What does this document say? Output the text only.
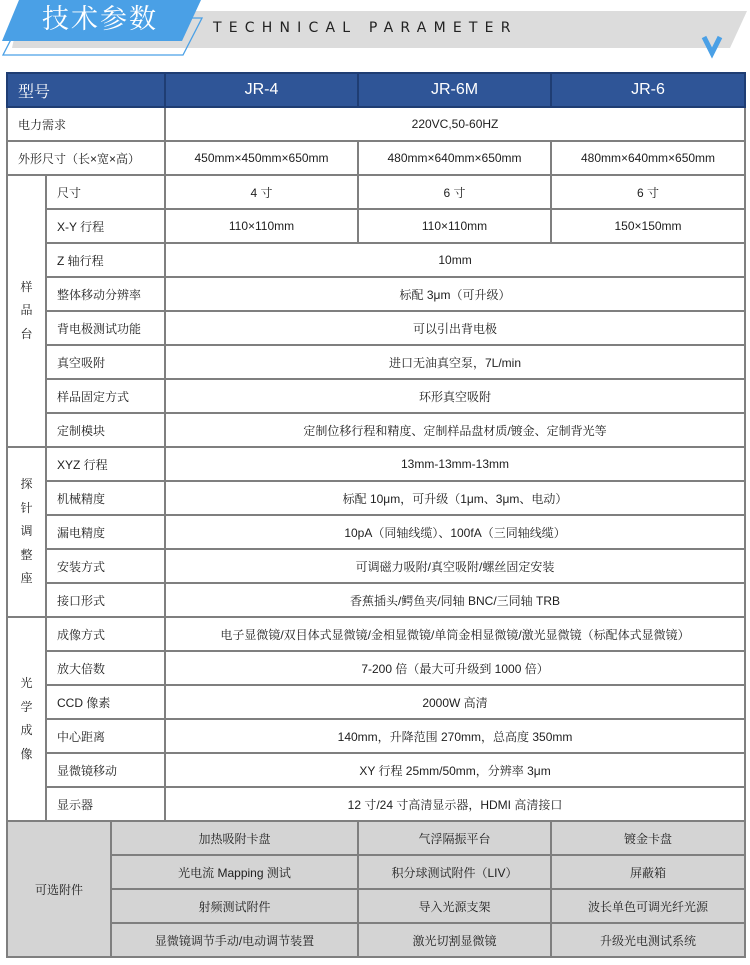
技术参数	TECHNICAL PARAMETER
型号		JR-4	JR-6M	JR-6
电力需求		220VC,50-60HZ		
外形尺寸（长×宽×高）		450mm×450mm×650mm	480mm×640mm×650mm	480mm×640mm×650mm
样品台	尺寸	4 寸	6 寸	6 寸
	X-Y 行程	110×110mm	110×110mm	150×150mm
	Z 轴行程	10mm		
	整体移动分辨率	标配 3μm（可升级）		
	背电极测试功能	可以引出背电极		
	真空吸附	进口无油真空泵，7L/min		
	样品固定方式	环形真空吸附		
	定制模块	定制位移行程和精度、定制样品盘材质/镀金、定制背光等		
探针调整座	XYZ 行程	13mm-13mm-13mm		
	机械精度	标配 10μm，可升级（1μm、3μm、电动）		
	漏电精度	10pA（同轴线缆）、100fA（三同轴线缆）		
	安装方式	可调磁力吸附/真空吸附/螺丝固定安装		
	接口形式	香蕉插头/鳄鱼夹/同轴 BNC/三同轴 TRB		
光学成像	成像方式	电子显微镜/双目体式显微镜/金相显微镜/单筒金相显微镜/激光显微镜（标配体式显微镜）		
	放大倍数	7-200 倍（最大可升级到 1000 倍）		
	CCD 像素	2000W 高清		
	中心距离	140mm，升降范围 270mm，总高度 350mm		
	显微镜移动	XY 行程 25mm/50mm，分辨率 3μm		
	显示器	12 寸/24 寸高清显示器，HDMI 高清接口		
可选附件	加热吸附卡盘	气浮隔振平台	镀金卡盘
	光电流 Mapping 测试	积分球测试附件（LIV）	屏蔽箱
	射频测试附件	导入光源支架	波长单色可调光纤光源
	显微镜调节手动/电动调节装置	激光切割显微镜	升级光电测试系统
